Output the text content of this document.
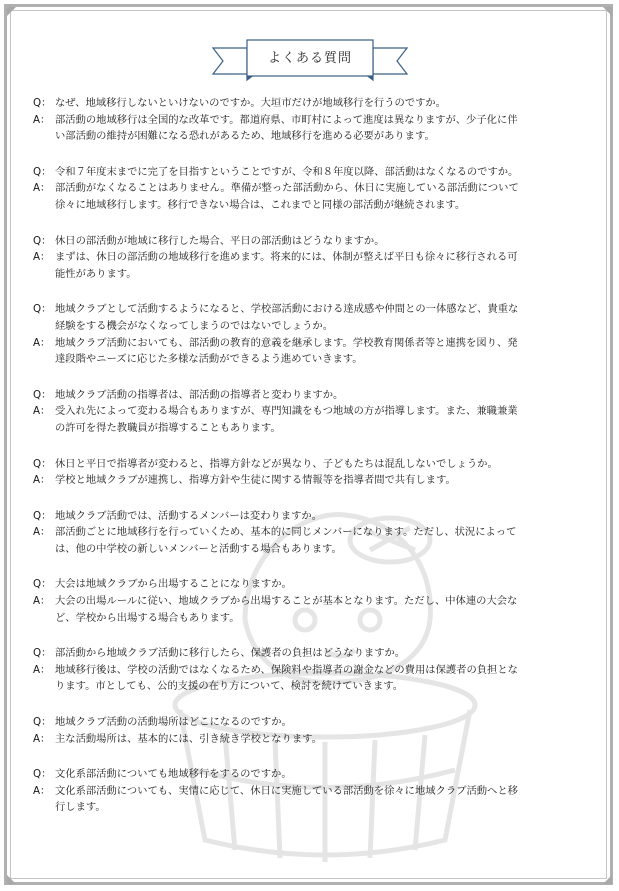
よくある質問
Q： なぜ、地域移行しないといけないのですか。大垣市だけが地域移行を行うのですか。
A： 部活動の地域移行は全国的な改革です。都道府県、市町村によって進度は異なりますが、少子化に伴
い部活動の維持が困難になる恐れがあるため、地域移行を進める必要があります。
Q： 令和７年度末までに完了を目指すということですが、令和８年度以降、部活動はなくなるのですか。
A： 部活動がなくなることはありません。準備が整った部活動から、休日に実施している部活動について
徐々に地域移行します。移行できない場合は、これまでと同様の部活動が継続されます。
Q： 休日の部活動が地域に移行した場合、平日の部活動はどうなりますか。
A： まずは、休日の部活動の地域移行を進めます。将来的には、体制が整えば平日も徐々に移行される可
能性があります。
Q： 地域クラブとして活動するようになると、学校部活動における達成感や仲間との一体感など、貴重な
経験をする機会がなくなってしまうのではないでしょうか。
A： 地域クラブ活動においても、部活動の教育的意義を継承します。学校教育関係者等と連携を図り、発
達段階やニーズに応じた多様な活動ができるよう進めていきます。
Q： 地域クラブ活動の指導者は、部活動の指導者と変わりますか。
A： 受入れ先によって変わる場合もありますが、専門知識をもつ地域の方が指導します。また、兼職兼業
の許可を得た教職員が指導することもあります。
Q： 休日と平日で指導者が変わると、指導方針などが異なり、子どもたちは混乱しないでしょうか。
A： 学校と地域クラブが連携し、指導方針や生徒に関する情報等を指導者間で共有します。
Q： 地域クラブ活動では、活動するメンバーは変わりますか。
A： 部活動ごとに地域移行を行っていくため、基本的に同じメンバーになります。ただし、状況によって
は、他の中学校の新しいメンバーと活動する場合もあります。
Q： 大会は地域クラブから出場することになりますか。
A： 大会の出場ルールに従い、地域クラブから出場することが基本となります。ただし、中体連の大会な
ど、学校から出場する場合もあります。
Q： 部活動から地域クラブ活動に移行したら、保護者の負担はどうなりますか。
A： 地域移行後は、学校の活動ではなくなるため、保険料や指導者の謝金などの費用は保護者の負担とな
ります。市としても、公的支援の在り方について、検討を続けていきます。
Q： 地域クラブ活動の活動場所はどこになるのですか。
A： 主な活動場所は、基本的には、引き続き学校となります。
Q： 文化系部活動についても地域移行をするのですか。
A： 文化系部活動についても、実情に応じて、休日に実施している部活動を徐々に地域クラブ活動へと移
行します。
